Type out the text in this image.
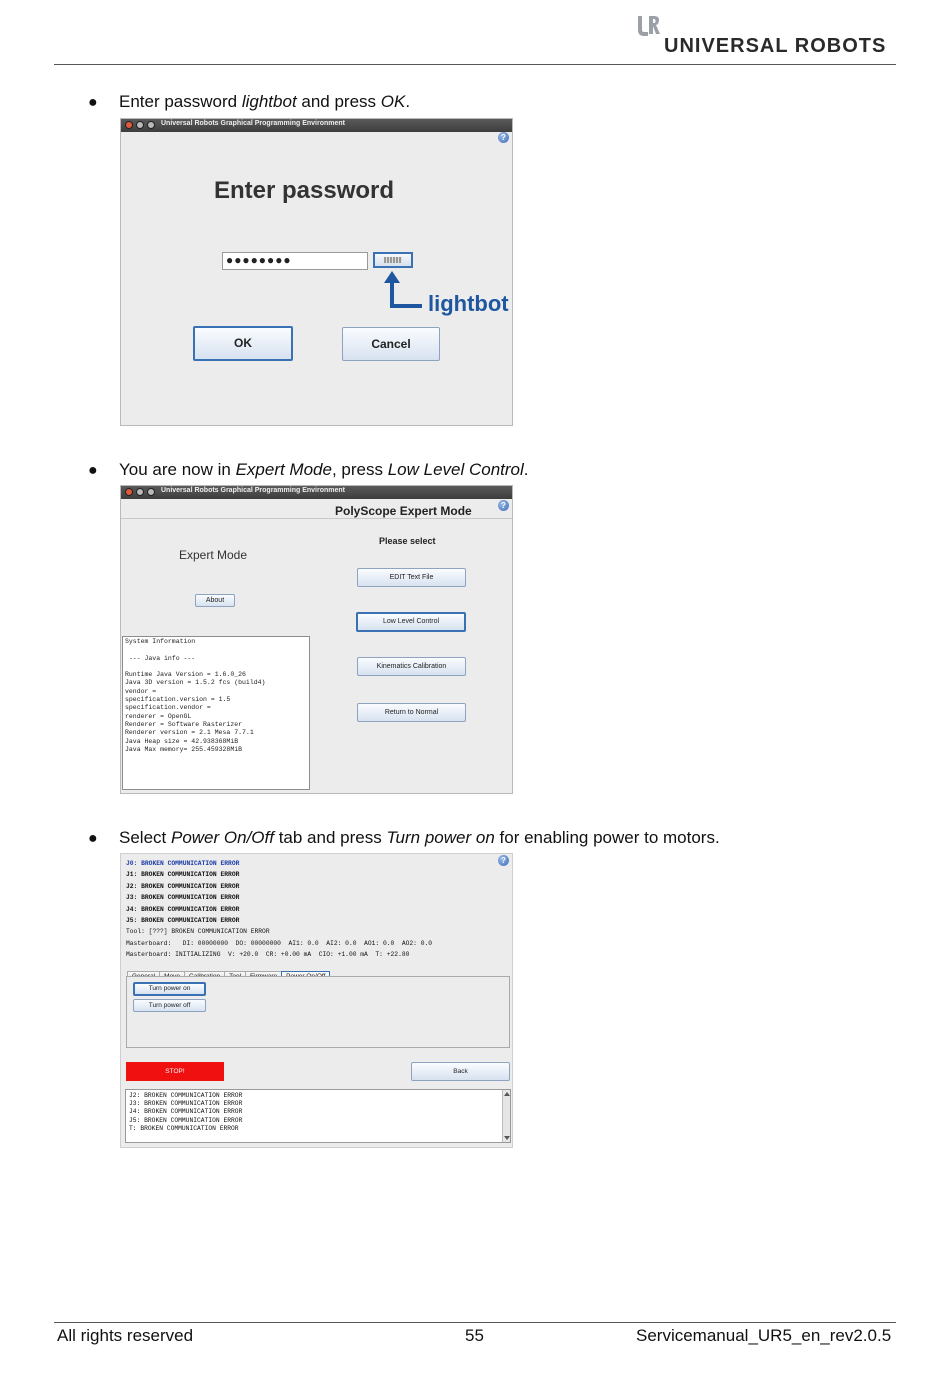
UNIVERSAL ROBOTS
● Enter password lightbot and press OK.
Universal Robots Graphical Programming Environment
?
Enter password
●●●●●●●●
lightbot
OK	Cancel
● You are now in Expert Mode, press Low Level Control.
Universal Robots Graphical Programming Environment
PolyScope Expert Mode	?
Expert Mode
About
Please select
EDIT Text File
Low Level Control
Kinematics Calibration
Return to Normal
System Information

--- Java info ---

Runtime Java Version = 1.6.0_26
Java 3D version = 1.5.2 fcs (build4)
vendor =
specification.version = 1.5
specification.vendor =
renderer = OpenGL
Renderer = Software Rasterizer
Renderer version = 2.1 Mesa 7.7.1
Java Heap size = 42.938368MiB
Java Max memory= 255.459328MiB
● Select Power On/Off tab and press Turn power on for enabling power to motors.
?
J0: BROKEN COMMUNICATION ERROR
J1: BROKEN COMMUNICATION ERROR
J2: BROKEN COMMUNICATION ERROR
J3: BROKEN COMMUNICATION ERROR
J4: BROKEN COMMUNICATION ERROR
J5: BROKEN COMMUNICATION ERROR
Tool: [???] BROKEN COMMUNICATION ERROR
Masterboard:   DI: 00000000  DO: 00000000  AI1: 0.0  AI2: 0.0  AO1: 0.0  AO2: 0.0
Masterboard: INITIALIZING  V: +20.0  CR: +0.00 mA  CIO: +1.00 mA  T: +22.80
Turn power on
Turn power off
STOP!	Back
J2: BROKEN COMMUNICATION ERROR
J3: BROKEN COMMUNICATION ERROR
J4: BROKEN COMMUNICATION ERROR
J5: BROKEN COMMUNICATION ERROR
T: BROKEN COMMUNICATION ERROR

All rights reserved	55	Servicemanual_UR5_en_rev2.0.5
